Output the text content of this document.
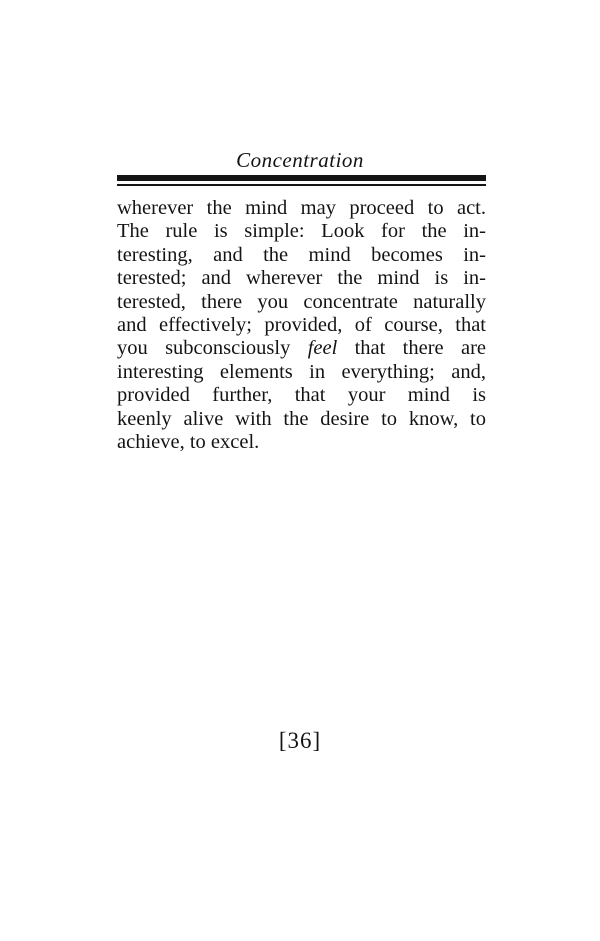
Concentration

wherever the mind may proceed to act.
The rule is simple: Look for the in-
teresting, and the mind becomes in-
terested; and wherever the mind is in-
terested, there you concentrate naturally
and effectively; provided, of course, that
you subconsciously feel that there are
interesting elements in everything; and,
provided further, that your mind is
keenly alive with the desire to know, to
achieve, to excel.

[36]
